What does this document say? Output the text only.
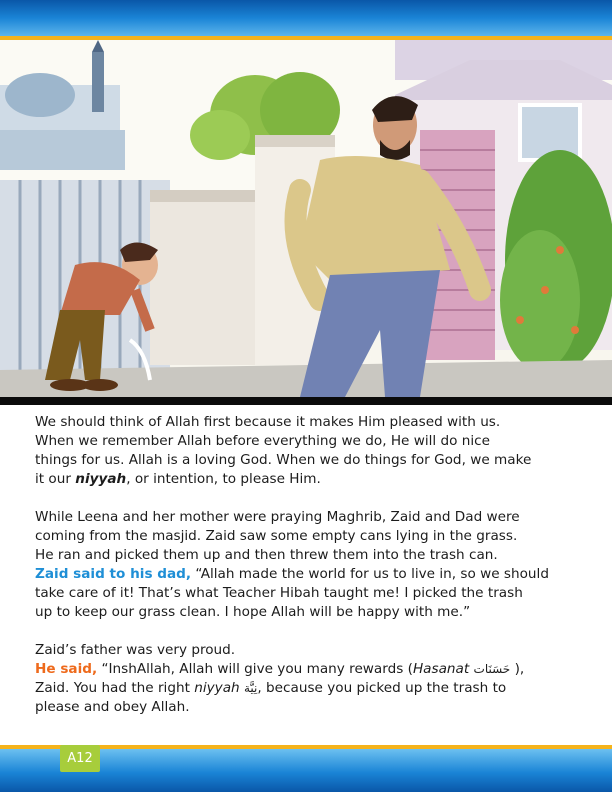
We should think of Allah first because it makes Him pleased with us.
When we remember Allah before everything we do, He will do nice
things for us. Allah is a loving God. When we do things for God, we make
it our niyyah, or intention, to please Him.

While Leena and her mother were praying Maghrib, Zaid and Dad were
coming from the masjid. Zaid saw some empty cans lying in the grass.
He ran and picked them up and then threw them into the trash can.
Zaid said to his dad, “Allah made the world for us to live in, so we should
take care of it! That’s what Teacher Hibah taught me! I picked the trash
up to keep our grass clean. I hope Allah will be happy with me.”

Zaid’s father was very proud.
He said, “InshAllah, Allah will give you many rewards (Hasanat حَسَنَات ),
Zaid. You had the right niyyah نِيَّة, because you picked up the trash to
please and obey Allah.

A12
